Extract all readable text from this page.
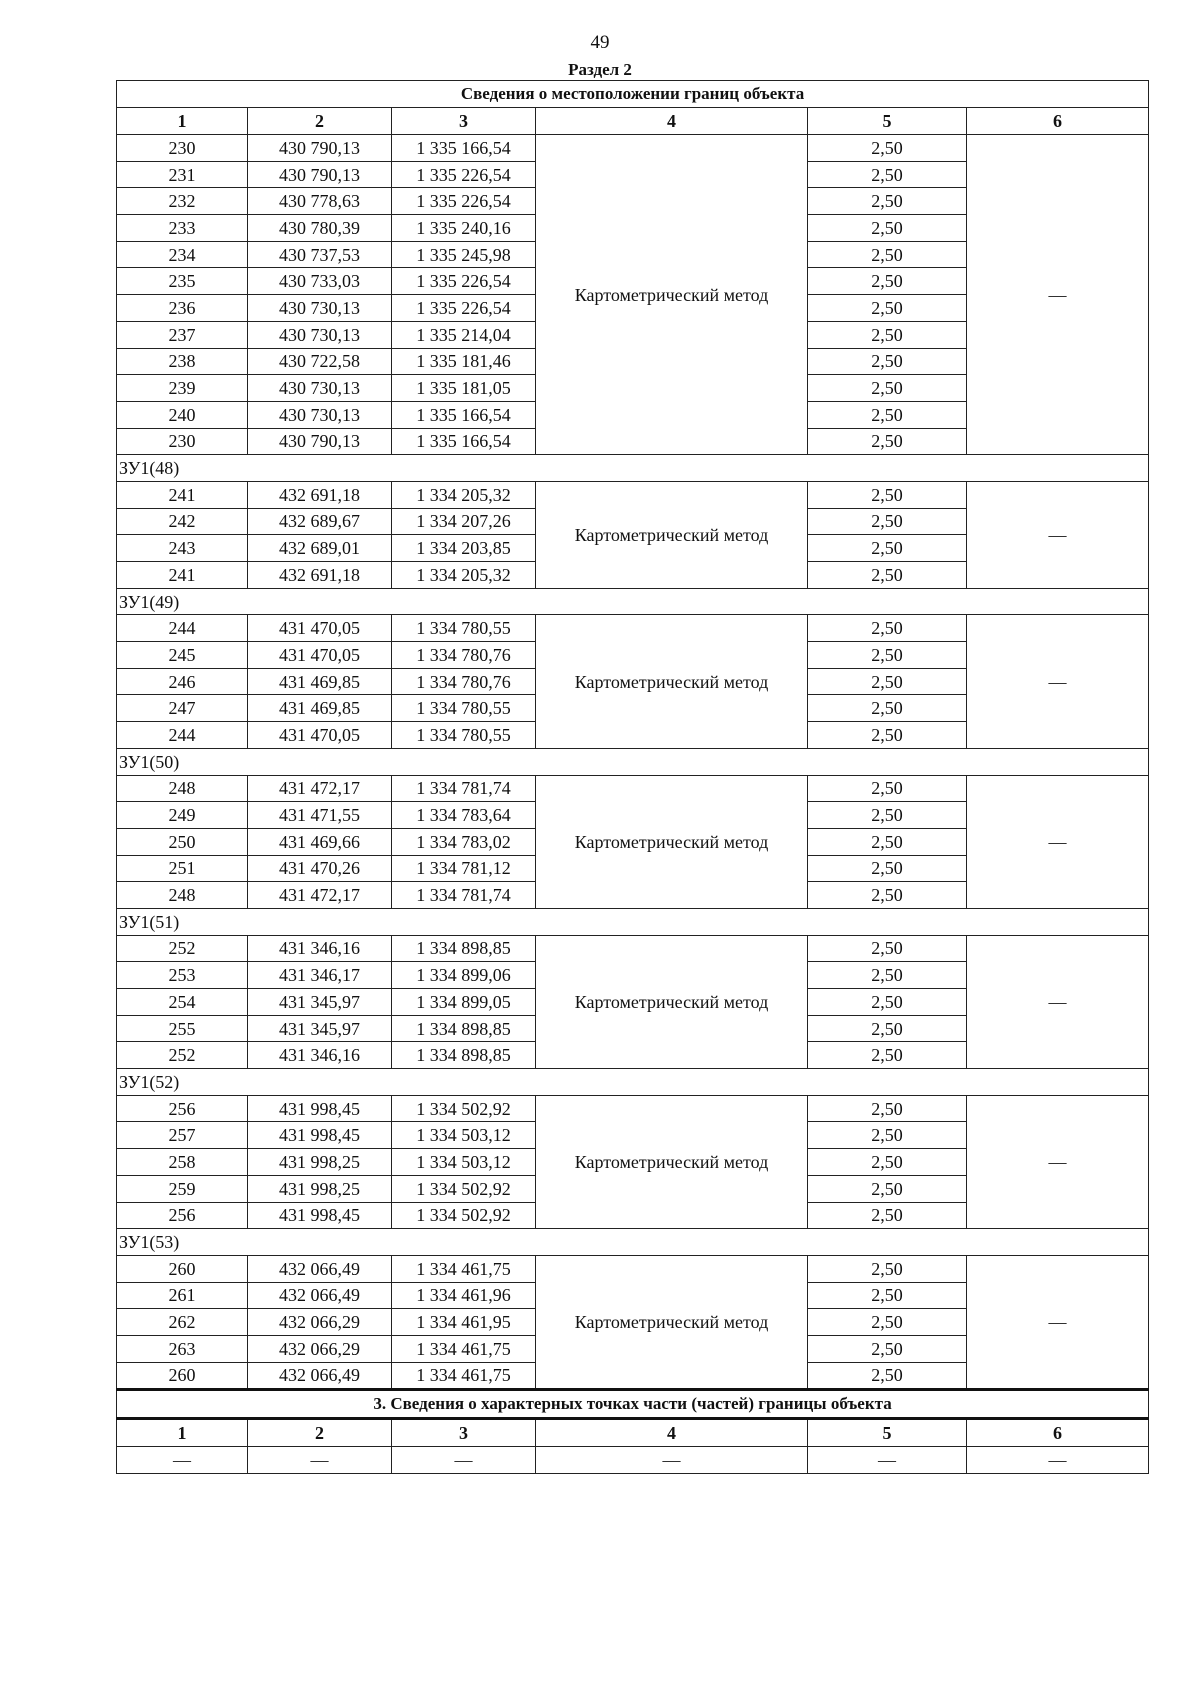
49
Раздел 2
Сведения о местоположении границ объекта					
1	2	3	4	5	6
230	430 790,13	1 335 166,54	Картометрический метод	2,50	—
231	430 790,13	1 335 226,54		2,50	
232	430 778,63	1 335 226,54		2,50	
233	430 780,39	1 335 240,16		2,50	
234	430 737,53	1 335 245,98		2,50	
235	430 733,03	1 335 226,54		2,50	
236	430 730,13	1 335 226,54		2,50	
237	430 730,13	1 335 214,04		2,50	
238	430 722,58	1 335 181,46		2,50	
239	430 730,13	1 335 181,05		2,50	
240	430 730,13	1 335 166,54		2,50	
230	430 790,13	1 335 166,54		2,50	
ЗУ1(48)					
241	432 691,18	1 334 205,32	Картометрический метод	2,50	—
242	432 689,67	1 334 207,26		2,50	
243	432 689,01	1 334 203,85		2,50	
241	432 691,18	1 334 205,32		2,50	
ЗУ1(49)					
244	431 470,05	1 334 780,55	Картометрический метод	2,50	—
245	431 470,05	1 334 780,76		2,50	
246	431 469,85	1 334 780,76		2,50	
247	431 469,85	1 334 780,55		2,50	
244	431 470,05	1 334 780,55		2,50	
ЗУ1(50)					
248	431 472,17	1 334 781,74	Картометрический метод	2,50	—
249	431 471,55	1 334 783,64		2,50	
250	431 469,66	1 334 783,02		2,50	
251	431 470,26	1 334 781,12		2,50	
248	431 472,17	1 334 781,74		2,50	
ЗУ1(51)					
252	431 346,16	1 334 898,85	Картометрический метод	2,50	—
253	431 346,17	1 334 899,06		2,50	
254	431 345,97	1 334 899,05		2,50	
255	431 345,97	1 334 898,85		2,50	
252	431 346,16	1 334 898,85		2,50	
ЗУ1(52)					
256	431 998,45	1 334 502,92	Картометрический метод	2,50	—
257	431 998,45	1 334 503,12		2,50	
258	431 998,25	1 334 503,12		2,50	
259	431 998,25	1 334 502,92		2,50	
256	431 998,45	1 334 502,92		2,50	
ЗУ1(53)					
260	432 066,49	1 334 461,75	Картометрический метод	2,50	—
261	432 066,49	1 334 461,96		2,50	
262	432 066,29	1 334 461,95		2,50	
263	432 066,29	1 334 461,75		2,50	
260	432 066,49	1 334 461,75		2,50	
3. Сведения о характерных точках части (частей) границы объекта					
1	2	3	4	5	6
—	—	—	—	—	—
